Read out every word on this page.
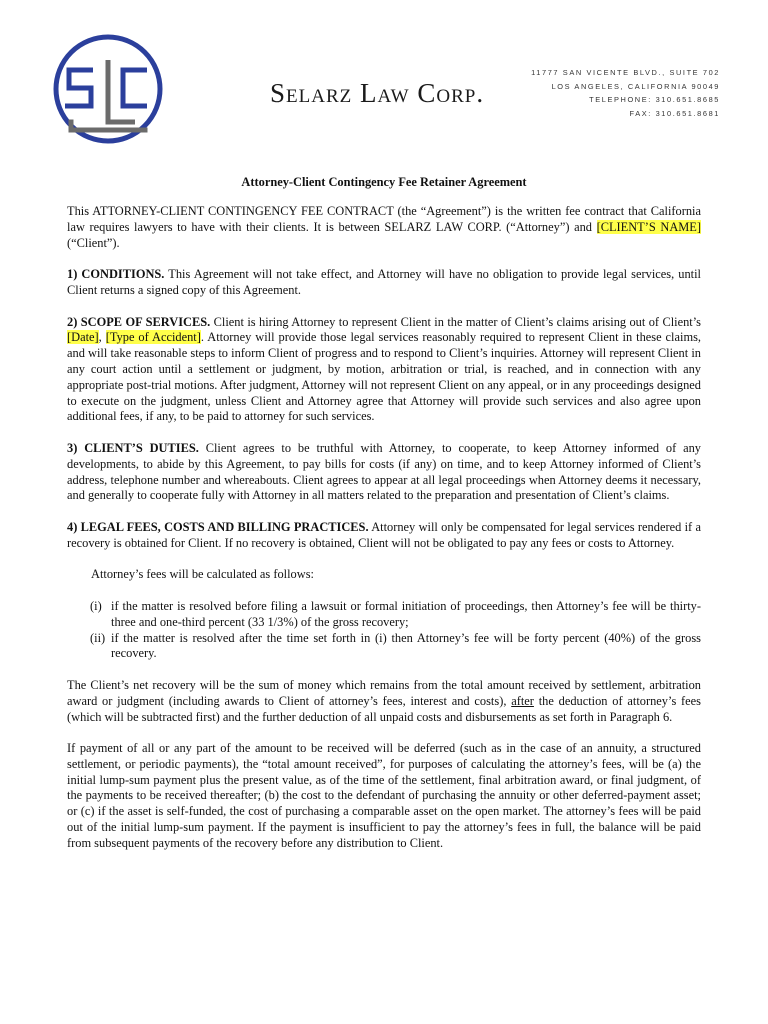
Selarz Law Corp.
11777 SAN VICENTE BLVD., SUITE 702
LOS ANGELES, CALIFORNIA 90049
TELEPHONE: 310.651.8685
FAX: 310.651.8681
Attorney-Client Contingency Fee Retainer Agreement

This ATTORNEY-CLIENT CONTINGENCY FEE CONTRACT (the “Agreement”) is the written fee contract that California law requires lawyers to have with their clients. It is between SELARZ LAW CORP. (“Attorney”) and [CLIENT’S NAME] (“Client”).

1) CONDITIONS. This Agreement will not take effect, and Attorney will have no obligation to provide legal services, until Client returns a signed copy of this Agreement.

2) SCOPE OF SERVICES. Client is hiring Attorney to represent Client in the matter of Client’s claims arising out of Client’s [Date], [Type of Accident]. Attorney will provide those legal services reasonably required to represent Client in these claims, and will take reasonable steps to inform Client of progress and to respond to Client’s inquiries. Attorney will represent Client in any court action until a settlement or judgment, by motion, arbitration or trial, is reached, and in connection with any appropriate post-trial motions. After judgment, Attorney will not represent Client on any appeal, or in any proceedings designed to execute on the judgment, unless Client and Attorney agree that Attorney will provide such services and also agree upon additional fees, if any, to be paid to attorney for such services.

3) CLIENT’S DUTIES. Client agrees to be truthful with Attorney, to cooperate, to keep Attorney informed of any developments, to abide by this Agreement, to pay bills for costs (if any) on time, and to keep Attorney informed of Client’s address, telephone number and whereabouts. Client agrees to appear at all legal proceedings when Attorney deems it necessary, and generally to cooperate fully with Attorney in all matters related to the preparation and presentation of Client’s claims.

4) LEGAL FEES, COSTS AND BILLING PRACTICES. Attorney will only be compensated for legal services rendered if a recovery is obtained for Client. If no recovery is obtained, Client will not be obligated to pay any fees or costs to Attorney.

Attorney’s fees will be calculated as follows:

(i) if the matter is resolved before filing a lawsuit or formal initiation of proceedings, then Attorney’s fee will be thirty-three and one-third percent (33 1/3%) of the gross recovery;
(ii) if the matter is resolved after the time set forth in (i) then Attorney’s fee will be forty percent (40%) of the gross recovery.

The Client’s net recovery will be the sum of money which remains from the total amount received by settlement, arbitration award or judgment (including awards to Client of attorney’s fees, interest and costs), after the deduction of attorney’s fees (which will be subtracted first) and the further deduction of all unpaid costs and disbursements as set forth in Paragraph 6.

If payment of all or any part of the amount to be received will be deferred (such as in the case of an annuity, a structured settlement, or periodic payments), the “total amount received”, for purposes of calculating the attorney’s fees, will be (a) the initial lump-sum payment plus the present value, as of the time of the settlement, final arbitration award, or final judgment, of the payments to be received thereafter; (b) the cost to the defendant of purchasing the annuity or other deferred-payment asset; or (c) if the asset is self-funded, the cost of purchasing a comparable asset on the open market. The attorney’s fees will be paid out of the initial lump-sum payment. If the payment is insufficient to pay the attorney’s fees in full, the balance will be paid from subsequent payments of the recovery before any distribution to Client.
